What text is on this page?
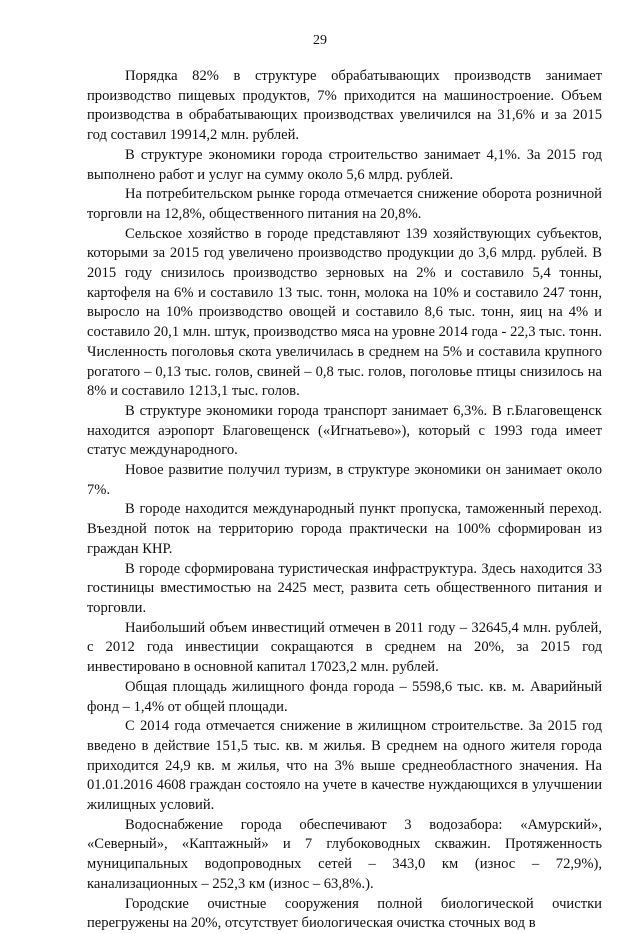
29

Порядка 82% в структуре обрабатывающих производств занимает производство пищевых продуктов, 7% приходится на машиностроение. Объем производства в обрабатывающих производствах увеличился на 31,6% и за 2015 год составил 19914,2 млн. рублей.

В структуре экономики города строительство занимает 4,1%. За 2015 год выполнено работ и услуг на сумму около 5,6 млрд. рублей.

На потребительском рынке города отмечается снижение оборота розничной торговли на 12,8%, общественного питания на 20,8%.

Сельское хозяйство в городе представляют 139 хозяйствующих субъектов, которыми за 2015 год увеличено производство продукции до 3,6 млрд. рублей. В 2015 году снизилось производство зерновых на 2% и составило 5,4 тонны, картофеля на 6% и составило 13 тыс. тонн, молока на 10% и составило 247 тонн, выросло на 10% производство овощей и составило 8,6 тыс. тонн, яиц на 4% и составило 20,1 млн. штук, производство мяса на уровне 2014 года - 22,3 тыс. тонн. Численность поголовья скота увеличилась в среднем на 5% и составила крупного рогатого – 0,13 тыс. голов, свиней – 0,8 тыс. голов, поголовье птицы снизилось на 8% и составило 1213,1 тыс. голов.

В структуре экономики города транспорт занимает 6,3%. В г.Благовещенск находится аэропорт Благовещенск («Игнатьево»), который с 1993 года имеет статус международного.

Новое развитие получил туризм, в структуре экономики он занимает около 7%.

В городе находится международный пункт пропуска, таможенный переход. Въездной поток на территорию города практически на 100% сформирован из граждан КНР.

В городе сформирована туристическая инфраструктура. Здесь находится 33 гостиницы вместимостью на 2425 мест, развита сеть общественного питания и торговли.

Наибольший объем инвестиций отмечен в 2011 году – 32645,4 млн. рублей, с 2012 года инвестиции сокращаются в среднем на 20%, за 2015 год инвестировано в основной капитал 17023,2 млн. рублей.

Общая площадь жилищного фонда города – 5598,6 тыс. кв. м. Аварийный фонд – 1,4% от общей площади.

С 2014 года отмечается снижение в жилищном строительстве. За 2015 год введено в действие 151,5 тыс. кв. м жилья. В среднем на одного жителя города приходится 24,9 кв. м жилья, что на 3% выше среднеобластного значения. На 01.01.2016 4608 граждан состояло на учете в качестве нуждающихся в улучшении жилищных условий.

Водоснабжение города обеспечивают 3 водозабора: «Амурский», «Северный», «Каптажный» и 7 глубоководных скважин. Протяженность муниципальных водопроводных сетей – 343,0 км (износ – 72,9%), канализационных – 252,3 км (износ – 63,8%.).

Городские очистные сооружения полной биологической очистки перегружены на 20%, отсутствует биологическая очистка сточных вод в
